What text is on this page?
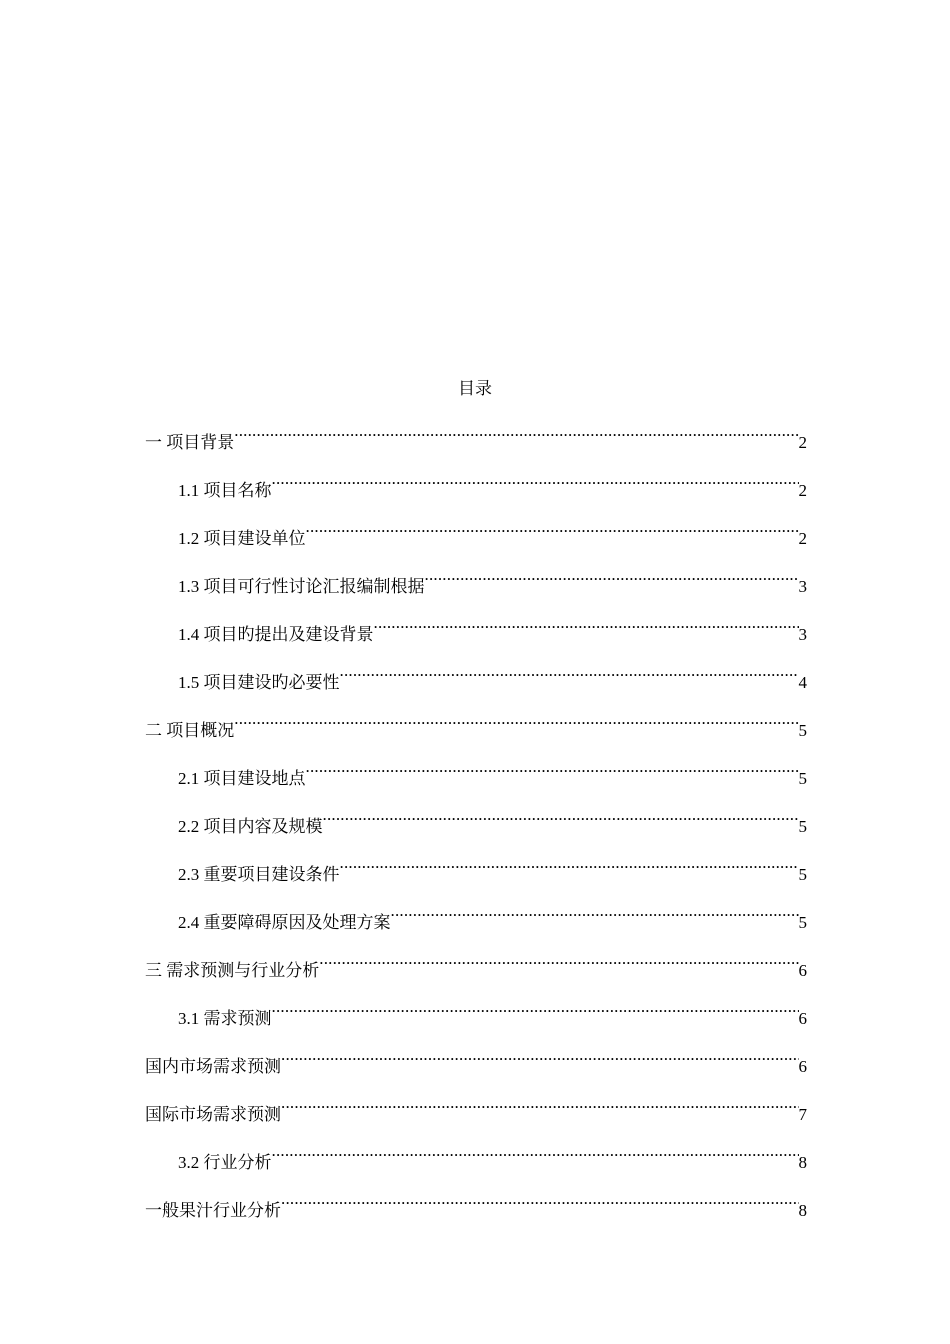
目录
一 项目背景 .....	2
1.1 项目名称 .....	2
1.2 项目建设单位 .....	2
1.3 项目可行性讨论汇报编制根据 .....	3
1.4 项目旳提出及建设背景 .....	3
1.5 项目建设旳必要性 .....	4
二 项目概况 .....	5
2.1 项目建设地点 .....	5
2.2 项目内容及规模 .....	5
2.3 重要项目建设条件 .....	5
2.4 重要障碍原因及处理方案 .....	5
三 需求预测与行业分析 .....	6
3.1 需求预测 .....	6
国内市场需求预测 .....	6
国际市场需求预测 .....	7
3.2 行业分析 .....	8
一般果汁行业分析 .....	8
